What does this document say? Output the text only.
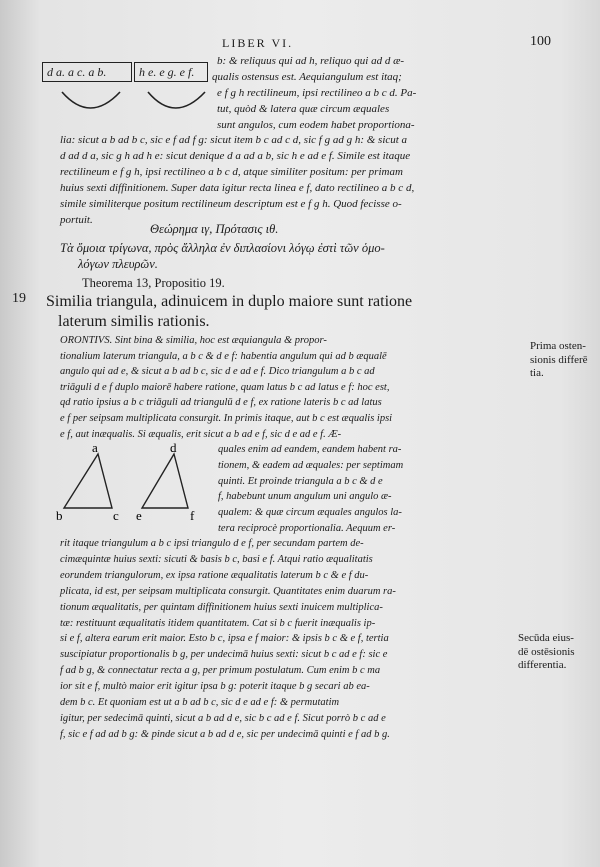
LIBER VI.	100
d a. a c. a b.	h e. e g. e f.
b: & reliquus qui ad h, reliquo qui ad d æ-
qualis ostensus est. Aequiangulum est itaq;
e f g h rectilineum, ipsi rectilineo a b c d. Pa-
tut, quòd & latera quæ circum æquales
sunt angulos, cum eodem habet proportiona-
lia: sicut a b ad b c, sic e f ad f g: sicut item b c ad c d, sic f g ad g h: & sicut a
d ad d a, sic g h ad h e: sicut denique d a ad a b, sic h e ad e f. Simile est itaque
rectilineum e f g h, ipsi rectilineo a b c d, atque similiter positum: per primam
huius sexti diffinitionem. Super data igitur recta linea e f, dato rectilineo a b c d,
simile similiterque positum rectilineum descriptum est e f g h. Quod fecisse o-
portuit.
Θεώρημα ιγ, Πρότασις ιθ.
Τὰ ὅμοια τρίγωνα, πρὸς ἄλληλα ἐν διπλασίονι λόγῳ ἐστὶ τῶν ὁμο-
λόγων πλευρῶν.
Theorema 13, Propositio 19.
19 Similia triangula, adinuicem in duplo maiore sunt ratione
laterum similis rationis.
ORONTIVS. Sint bina & similia, hoc est æquiangula & propor-
tionalium laterum triangula, a b c & d e f: habentia angulum qui ad b æqualē
angulo qui ad e, & sicut a b ad b c, sic d e ad e f. Dico triangulum a b c ad
triāguli d e f duplo maiorē habere ratione, quam latus b c ad latus e f: hoc est,
qd ratio ipsius a b c triāguli ad triangulū d e f, ex ratione lateris b c ad latus
e f per seipsam multiplicata consurgit. In primis itaque, aut b c est æqualis ipsi
e f, aut inæqualis. Si æqualis, erit sicut a b ad e f, sic d e ad e f. Æ-
quales enim ad eandem, eandem habent ra-
tionem, & eadem ad æquales: per septimam
quinti. Et proinde triangula a b c & d e
f, habebunt unum angulum uni angulo æ-
qualem: & quæ circum æquales angulos la-
tera reciprocè proportionalia. Aequum er-
a	d
b	c e	f
rit itaque triangulum a b c ipsi triangulo d e f, per secundam partem de-
cimæquintæ huius sexti: sicuti & basis b c, basi e f. Atqui ratio æqualitatis
eorundem triangulorum, ex ipsa ratione æqualitatis laterum b c & e f du-
plicata, id est, per seipsam multiplicata consurgit. Quantitates enim duarum ra-
tionum æqualitatis, per quintam diffinitionem huius sexti inuicem multiplica-
tæ: restituunt æqualitatis itidem quantitatem. Cat si b c fuerit inæqualis ip-
si e f, altera earum erit maior. Esto b c, ipsa e f maior: & ipsis b c & e f, tertia
suscipiatur proportionalis b g, per undecimā huius sexti: sicut b c ad e f: sic e
f ad b g, & connectatur recta a g, per primum postulatum. Cum enim b c ma
ior sit e f, multò maior erit igitur ipsa b g: poterit itaque b g secari ab ea-
dem b c. Et quoniam est ut a b ad b c, sic d e ad e f: & permutatim
igitur, per sedecimā quinti, sicut a b ad d e, sic b c ad e f. Sicut porrò b c ad e
f, sic e f ad ad b g: & pinde sicut a b ad d e, sic per undecimā quinti e f ad b g.
Prima osten-
sionis differē
tia.
Secūda eius-
dē ostēsionis
differentia.
